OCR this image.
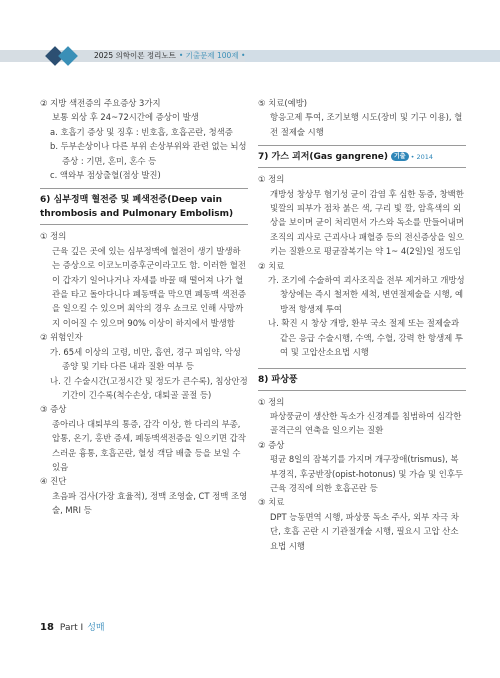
2025 의학이론 정리노트 • 기출문제 100제 •

② 지방 색전증의 주요증상 3가지

보통 외상 후 24~72시간에 증상이 발생

a. 호흡기 증상 및 징후 : 빈호흡, 호흡곤란, 청색증

b. 두부손상이나 다른 부위 손상부위와 관련 없는 뇌성 증상 : 기면, 혼미, 혼수 등

c. 액와부 점상출혈(점상 발진)

6) 심부정맥 혈전증 및 폐색전증(Deep vain thrombosis and Pulmonary Embolism)

① 정의

근육 깊은 곳에 있는 심부정맥에 혈전이 생기 발생하는 증상으로 이코노미증후군이라고도 함. 이러한 혈전이 갑자기 일어나거나 자세를 바꿀 때 떨어져 나가 혈관을 타고 돌아다니다 폐동맥을 막으면 폐동맥 색전증을 일으킬 수 있으며 최악의 경우 쇼크로 인해 사망까지 이어질 수 있으며 90% 이상이 하지에서 발생함

② 위험인자

가. 65세 이상의 고령, 비만, 흡연, 경구 피임약, 악성 종양 및 기타 다른 내과 질환 여부 등

나. 긴 수술시간(고정시간 및 정도가 큰수록), 침상안정 기간이 긴수록(척수손상, 대퇴골 골절 등)

③ 증상

종아리나 대퇴부의 통증, 감각 이상, 한 다리의 부종, 압통, 온기, 홍반 증세, 폐동맥색전증을 일으키면 갑작스러운 흉통, 호흡곤란, 혈성 객담 배출 등을 보일 수 있음

④ 진단

초음파 검사(가장 효율적), 정맥 조영술, CT 정맥 조영술, MRI 등

⑤ 치료(예방)

항응고제 투여, 조기보행 시도(장비 및 기구 이용), 혈전 절제술 시행

7) 가스 괴저(Gas gangrene) 기출 • 2014

① 정의

개방성 창상무 혐기성 균이 감염 후 심한 동증, 창백한 빛깔의 피부가 점차 붉은 색, 구리 빛 깔, 암흑색의 외상을 보이며 균이 처리면서 가스와 독소를 만들어내며 조직의 괴사로 근괴사나 패혈증 등의 전신증상을 일으키는 질환으로 평균잠복기는 약 1~ 4(2일)일 정도임

② 치료

가. 조기에 수술하여 괴사조직을 전부 제거하고 개방성 창상에는 즉시 철저한 세척, 변연절제술을 시행, 예방적 항생제 투여

나. 확진 시 창상 개방, 환부 국소 절제 또는 절제술과 같은 응급 수술시행, 수액, 수혈, 강력 한 항생제 투여 및 고압산소요법 시행

8) 파상풍

① 정의

파상풍균이 생산한 독소가 신경계를 침범하여 심각한 골격근의 연축을 일으키는 질환

② 증상

평균 8일의 잠복기를 가지며 개구장애(trismus), 복부경직, 후궁반장(opist-hotonus) 및 가슴 및 인후두 근육 경직에 의한 호흡곤란 등

③ 치료

DPT 능동면역 시행, 파상풍 독소 주사, 외부 자극 차단, 호흡 곤란 시 기관절개술 시행, 필요시 고압 산소요법 시행

18 Part Ⅰ 성매
